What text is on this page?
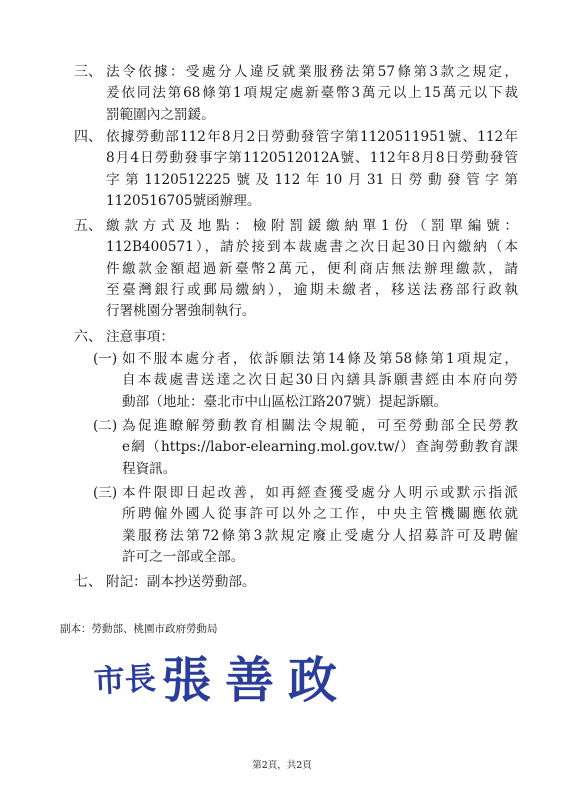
三、 法令依據：受處分人違反就業服務法第57條第3款之規定，
爰依同法第68條第1項規定處新臺幣3萬元以上15萬元以下裁
罰範圍內之罰鍰。
四、 依據勞動部112年8月2日勞動發管字第1120511951號、112年
8月4日勞動發事字第1120512012A號、112年8月8日勞動發管
字第1120512225號及112年10月31日勞動發管字第
1120516705號函辦理。
五、 繳款方式及地點：檢附罰鍰繳納單1份（罰單編號：
112B400571），請於接到本裁處書之次日起30日內繳納（本
件繳款金額超過新臺幣2萬元，便利商店無法辦理繳款，請
至臺灣銀行或郵局繳納），逾期未繳者，移送法務部行政執
行署桃園分署強制執行。
六、 注意事項：
(一) 如不服本處分者，依訴願法第14條及第58條第1項規定，
自本裁處書送達之次日起30日內繕具訴願書經由本府向勞
動部（地址：臺北市中山區松江路207號）提起訴願。
(二) 為促進瞭解勞動教育相關法令規範，可至勞動部全民勞教
e網（https://labor-elearning.mol.gov.tw/）查詢勞動教育課
程資訊。
(三) 本件限即日起改善，如再經查獲受處分人明示或默示指派
所聘僱外國人從事許可以外之工作，中央主管機關應依就
業服務法第72條第3款規定廢止受處分人招募許可及聘僱
許可之一部或全部。
七、 附記：副本抄送勞動部。
副本：勞動部、桃園市政府勞動局
市長 張善政
第2頁，共2頁
